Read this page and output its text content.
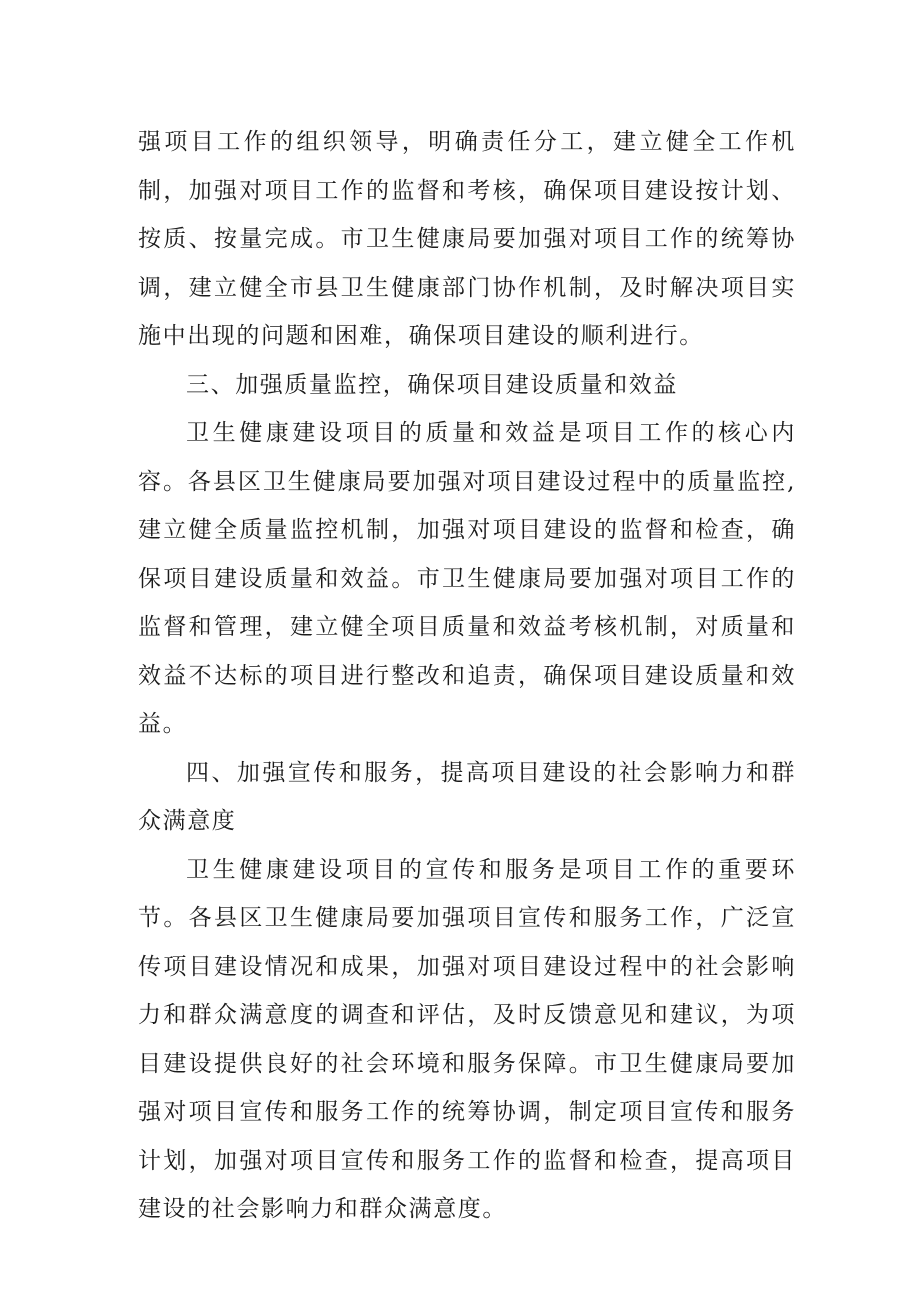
强项目工作的组织领导，明确责任分工，建立健全工作机制，加强对项目工作的监督和考核，确保项目建设按计划、按质、按量完成。市卫生健康局要加强对项目工作的统筹协调，建立健全市县卫生健康部门协作机制，及时解决项目实施中出现的问题和困难，确保项目建设的顺利进行。

三、加强质量监控，确保项目建设质量和效益

卫生健康建设项目的质量和效益是项目工作的核心内容。各县区卫生健康局要加强对项目建设过程中的质量监控,建立健全质量监控机制，加强对项目建设的监督和检查，确保项目建设质量和效益。市卫生健康局要加强对项目工作的监督和管理，建立健全项目质量和效益考核机制，对质量和效益不达标的项目进行整改和追责，确保项目建设质量和效益。

四、加强宣传和服务，提高项目建设的社会影响力和群众满意度

卫生健康建设项目的宣传和服务是项目工作的重要环节。各县区卫生健康局要加强项目宣传和服务工作，广泛宣传项目建设情况和成果，加强对项目建设过程中的社会影响力和群众满意度的调查和评估，及时反馈意见和建议，为项目建设提供良好的社会环境和服务保障。市卫生健康局要加强对项目宣传和服务工作的统筹协调，制定项目宣传和服务计划，加强对项目宣传和服务工作的监督和检查，提高项目建设的社会影响力和群众满意度。
